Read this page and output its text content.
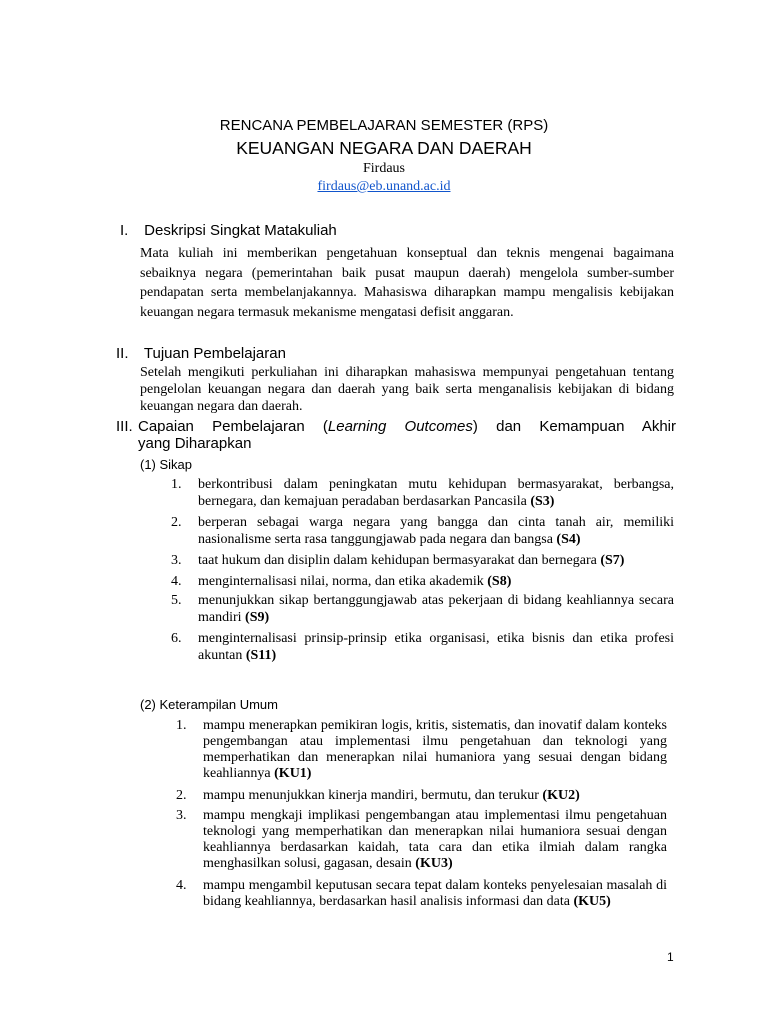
RENCANA PEMBELAJARAN SEMESTER (RPS)
KEUANGAN NEGARA DAN DAERAH
Firdaus
firdaus@eb.unand.ac.id
I. Deskripsi Singkat Matakuliah
Mata kuliah ini memberikan pengetahuan konseptual dan teknis mengenai bagaimana sebaiknya negara (pemerintahan baik pusat maupun daerah) mengelola sumber-sumber pendapatan serta membelanjakannya. Mahasiswa diharapkan mampu mengalisis kebijakan keuangan negara termasuk mekanisme mengatasi defisit anggaran.
II. Tujuan Pembelajaran
Setelah mengikuti perkuliahan ini diharapkan mahasiswa mempunyai pengetahuan tentang pengelolan keuangan negara dan daerah yang baik serta menganalisis kebijakan di bidang keuangan negara dan daerah.
III. Capaian Pembelajaran (Learning Outcomes) dan Kemampuan Akhir
yang Diharapkan
(1) Sikap
1. berkontribusi dalam peningkatan mutu kehidupan bermasyarakat, berbangsa, bernegara, dan kemajuan peradaban berdasarkan Pancasila (S3)
2. berperan sebagai warga negara yang bangga dan cinta tanah air, memiliki nasionalisme serta rasa tanggungjawab pada negara dan bangsa (S4)
3. taat hukum dan disiplin dalam kehidupan bermasyarakat dan bernegara (S7)
4. menginternalisasi nilai, norma, dan etika akademik (S8)
5. menunjukkan sikap bertanggungjawab atas pekerjaan di bidang keahliannya secara mandiri (S9)
6. menginternalisasi prinsip-prinsip etika organisasi, etika bisnis dan etika profesi akuntan (S11)
(2) Keterampilan Umum
1. mampu menerapkan pemikiran logis, kritis, sistematis, dan inovatif dalam konteks pengembangan atau implementasi ilmu pengetahuan dan teknologi yang memperhatikan dan menerapkan nilai humaniora yang sesuai dengan bidang keahliannya (KU1)
2. mampu menunjukkan kinerja mandiri, bermutu, dan terukur (KU2)
3. mampu mengkaji implikasi pengembangan atau implementasi ilmu pengetahuan teknologi yang memperhatikan dan menerapkan nilai humaniora sesuai dengan keahliannya berdasarkan kaidah, tata cara dan etika ilmiah dalam rangka menghasilkan solusi, gagasan, desain (KU3)
4. mampu mengambil keputusan secara tepat dalam konteks penyelesaian masalah di bidang keahliannya, berdasarkan hasil analisis informasi dan data (KU5)
1
